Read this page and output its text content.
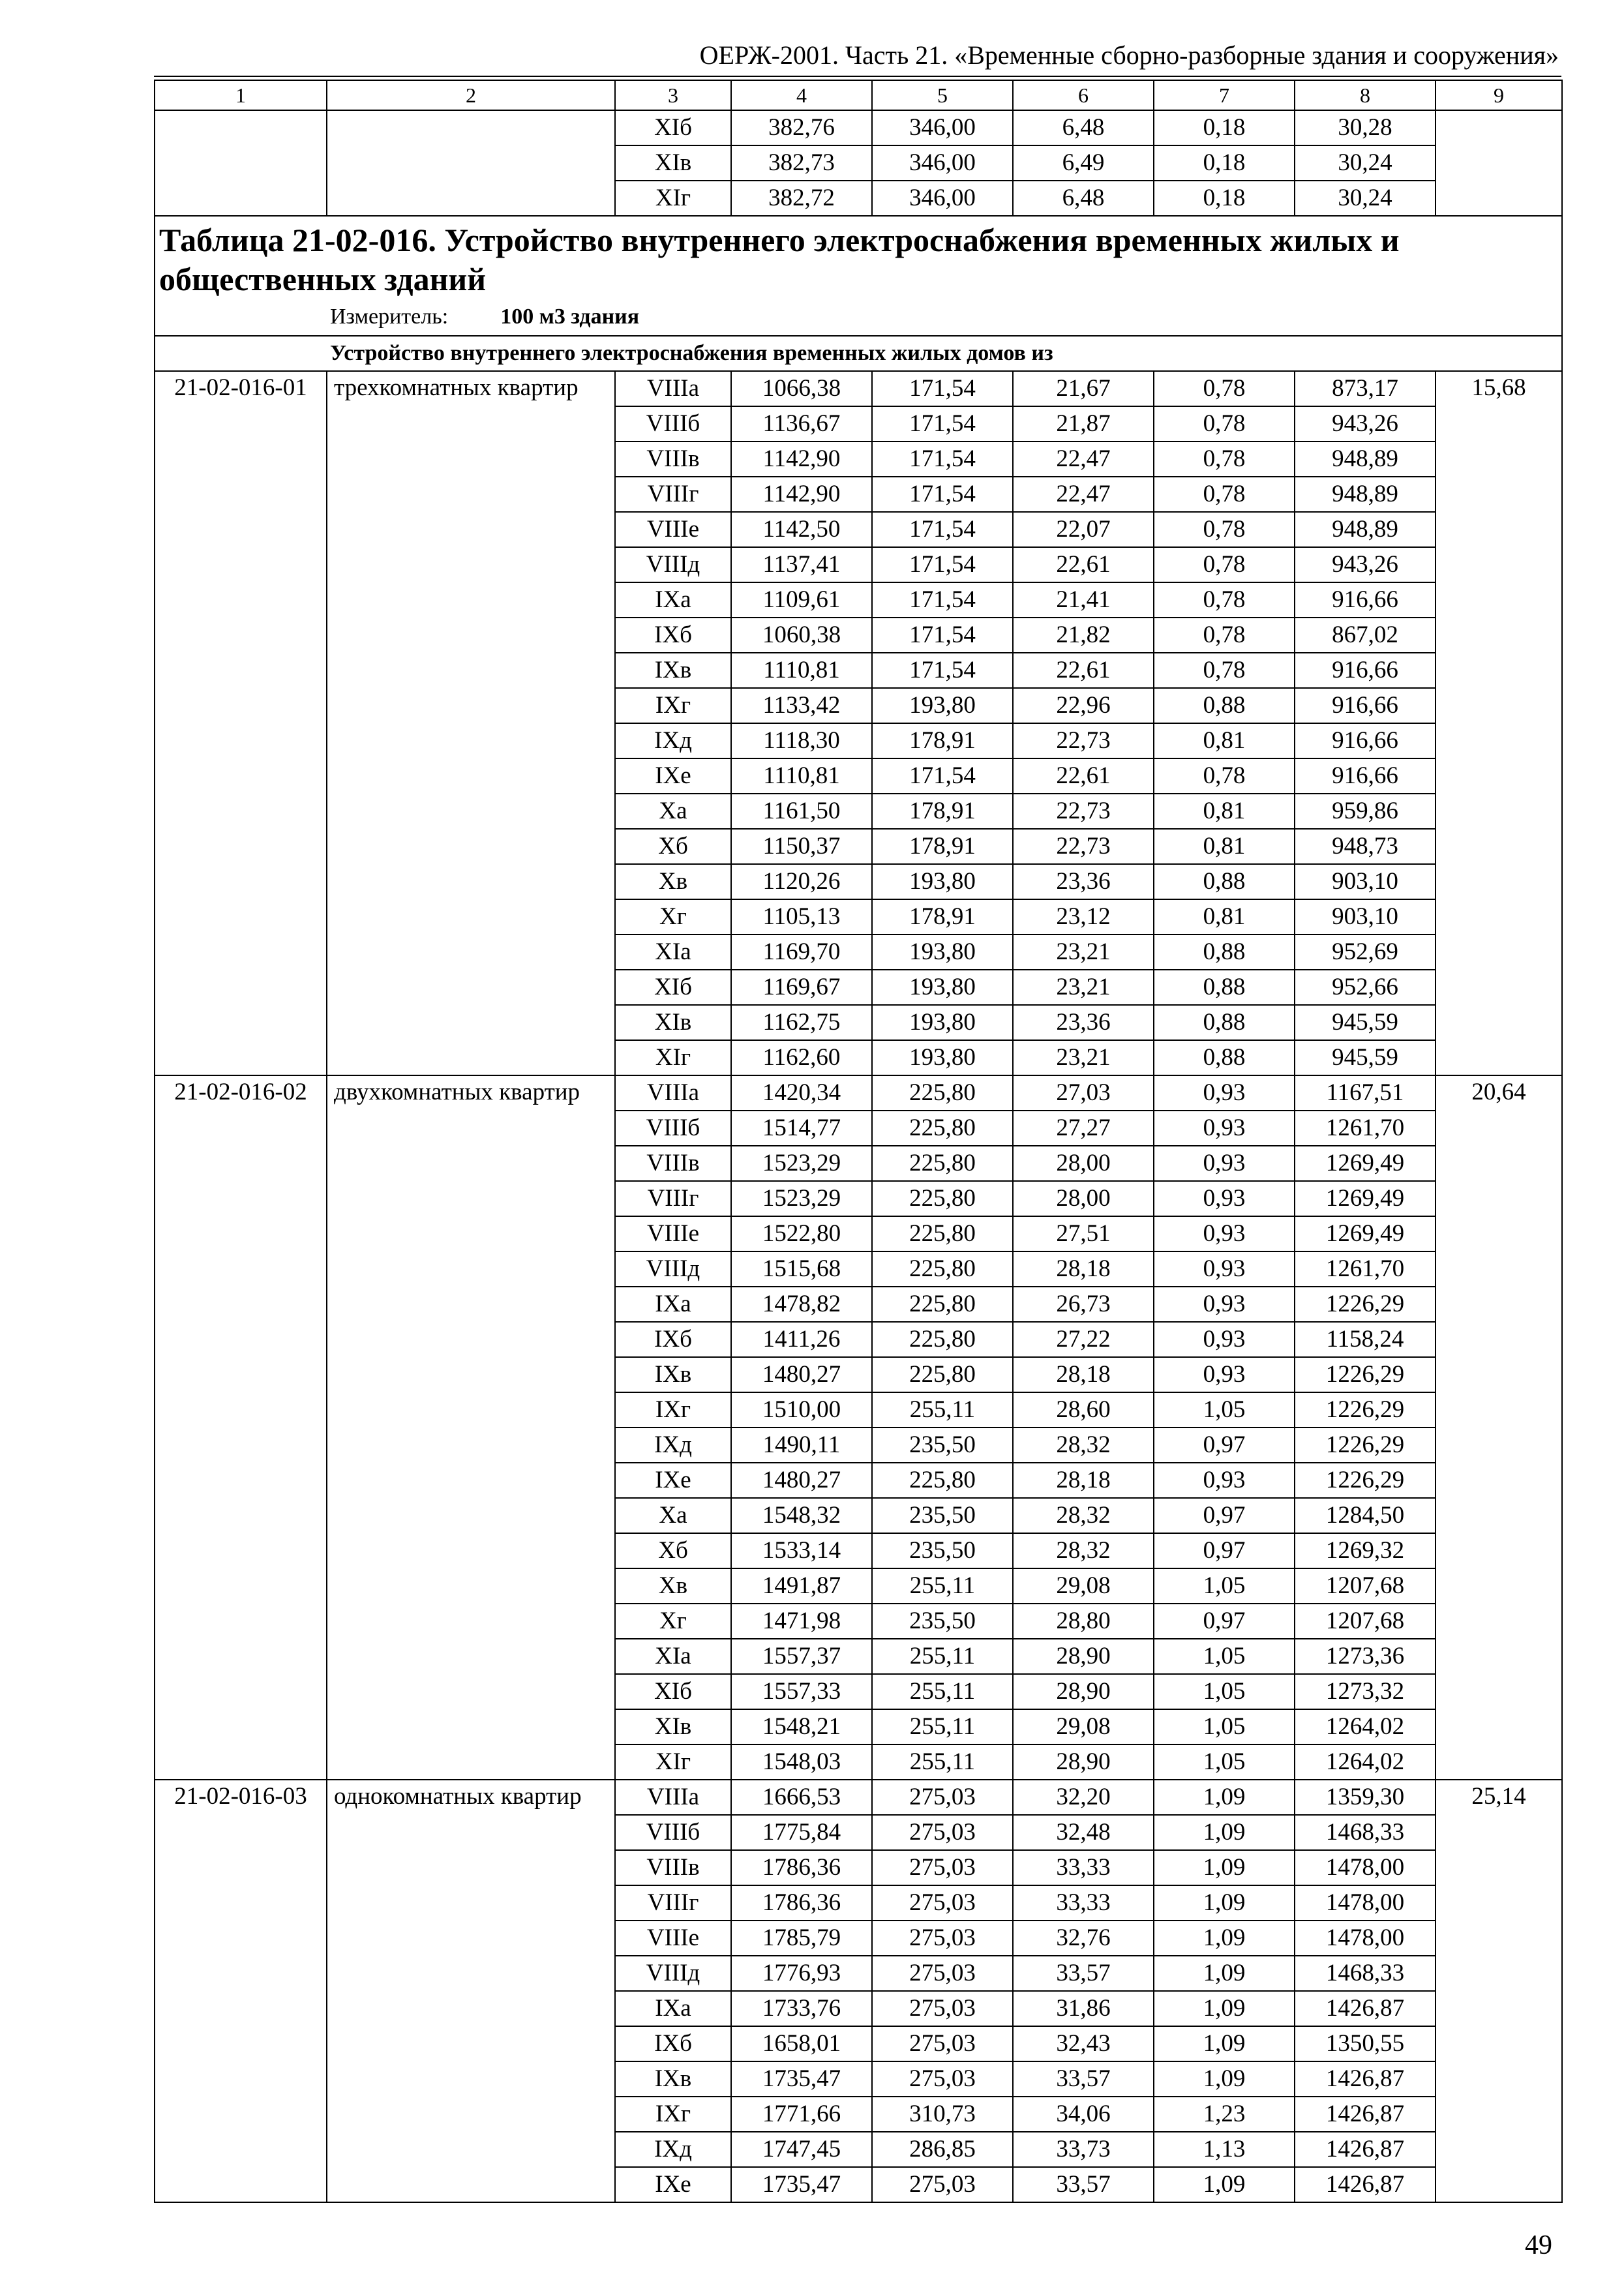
ОЕРЖ-2001. Часть 21. «Временные сборно-разборные здания и сооружения»
1	2	3	4	5	6	7	8	9
		XIб	382,76	346,00	6,48	0,18	30,28	
		XIв	382,73	346,00	6,49	0,18	30,24	
		XIг	382,72	346,00	6,48	0,18	30,24	

Таблица 21-02-016. Устройство внутреннего электроснабжения временных жилых и общественных зданий
Измеритель: 100 м3 здания								

Устройство внутреннего электроснабжения временных жилых домов из								
21-02-016-01	трехкомнатных квартир	VIIIа	1066,38	171,54	21,67	0,78	873,17	15,68
		VIIIб	1136,67	171,54	21,87	0,78	943,26	
		VIIIв	1142,90	171,54	22,47	0,78	948,89	
		VIIIг	1142,90	171,54	22,47	0,78	948,89	
		VIIIе	1142,50	171,54	22,07	0,78	948,89	
		VIIIд	1137,41	171,54	22,61	0,78	943,26	
		IXа	1109,61	171,54	21,41	0,78	916,66	
		IXб	1060,38	171,54	21,82	0,78	867,02	
		IXв	1110,81	171,54	22,61	0,78	916,66	
		IXг	1133,42	193,80	22,96	0,88	916,66	
		IXд	1118,30	178,91	22,73	0,81	916,66	
		IXе	1110,81	171,54	22,61	0,78	916,66	
		Xа	1161,50	178,91	22,73	0,81	959,86	
		Xб	1150,37	178,91	22,73	0,81	948,73	
		Xв	1120,26	193,80	23,36	0,88	903,10	
		Xг	1105,13	178,91	23,12	0,81	903,10	
		XIа	1169,70	193,80	23,21	0,88	952,69	
		XIб	1169,67	193,80	23,21	0,88	952,66	
		XIв	1162,75	193,80	23,36	0,88	945,59	
		XIг	1162,60	193,80	23,21	0,88	945,59	
21-02-016-02	двухкомнатных квартир	VIIIа	1420,34	225,80	27,03	0,93	1167,51	20,64
		VIIIб	1514,77	225,80	27,27	0,93	1261,70	
		VIIIв	1523,29	225,80	28,00	0,93	1269,49	
		VIIIг	1523,29	225,80	28,00	0,93	1269,49	
		VIIIе	1522,80	225,80	27,51	0,93	1269,49	
		VIIIд	1515,68	225,80	28,18	0,93	1261,70	
		IXа	1478,82	225,80	26,73	0,93	1226,29	
		IXб	1411,26	225,80	27,22	0,93	1158,24	
		IXв	1480,27	225,80	28,18	0,93	1226,29	
		IXг	1510,00	255,11	28,60	1,05	1226,29	
		IXд	1490,11	235,50	28,32	0,97	1226,29	
		IXе	1480,27	225,80	28,18	0,93	1226,29	
		Xа	1548,32	235,50	28,32	0,97	1284,50	
		Xб	1533,14	235,50	28,32	0,97	1269,32	
		Xв	1491,87	255,11	29,08	1,05	1207,68	
		Xг	1471,98	235,50	28,80	0,97	1207,68	
		XIа	1557,37	255,11	28,90	1,05	1273,36	
		XIб	1557,33	255,11	28,90	1,05	1273,32	
		XIв	1548,21	255,11	29,08	1,05	1264,02	
		XIг	1548,03	255,11	28,90	1,05	1264,02	
21-02-016-03	однокомнатных квартир	VIIIа	1666,53	275,03	32,20	1,09	1359,30	25,14
		VIIIб	1775,84	275,03	32,48	1,09	1468,33	
		VIIIв	1786,36	275,03	33,33	1,09	1478,00	
		VIIIг	1786,36	275,03	33,33	1,09	1478,00	
		VIIIе	1785,79	275,03	32,76	1,09	1478,00	
		VIIIд	1776,93	275,03	33,57	1,09	1468,33	
		IXа	1733,76	275,03	31,86	1,09	1426,87	
		IXб	1658,01	275,03	32,43	1,09	1350,55	
		IXв	1735,47	275,03	33,57	1,09	1426,87	
		IXг	1771,66	310,73	34,06	1,23	1426,87	
		IXд	1747,45	286,85	33,73	1,13	1426,87	
		IXе	1735,47	275,03	33,57	1,09	1426,87	
49
